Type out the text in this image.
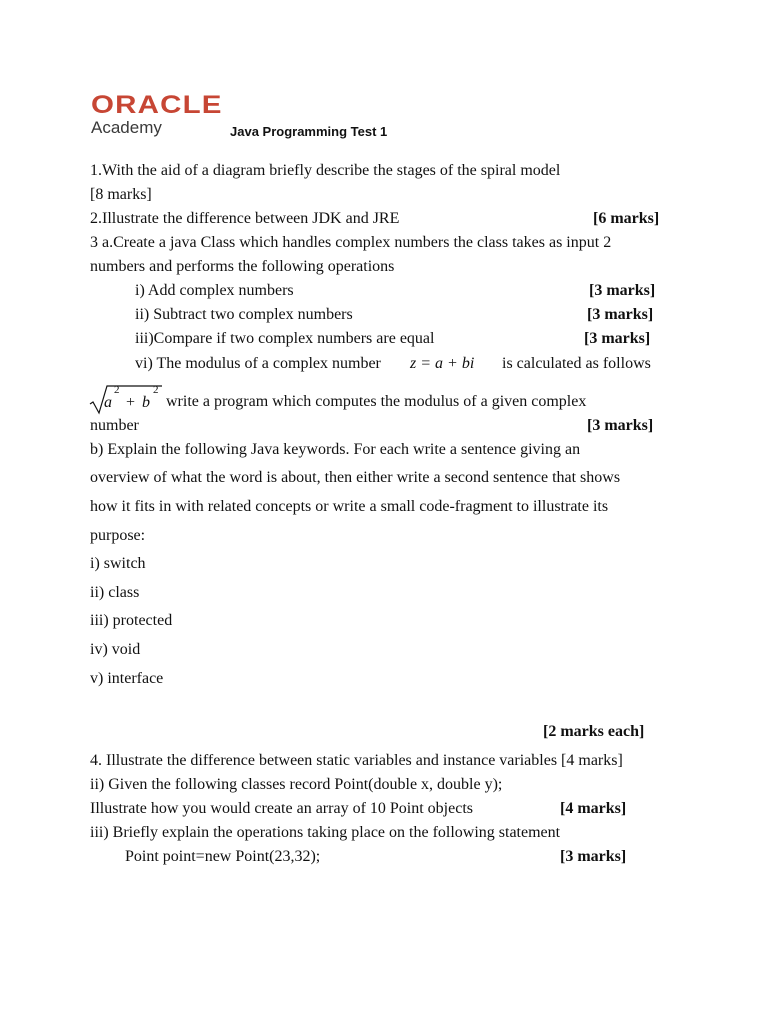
ORACLE
Academy	Java Programming Test 1
1.With the aid of a diagram briefly describe the stages of the spiral model
[8 marks]
2.Illustrate the difference between JDK and JRE	[6 marks]
3 a.Create a java Class which handles complex numbers the class takes as input 2
numbers and performs the following operations
i) Add complex numbers	[3 marks]
ii) Subtract two complex numbers	[3 marks]
iii)Compare if two complex numbers are equal	[3 marks]
vi) The modulus of a complex number z = a + bi is calculated as follows
a
2
+ b
2
write a program which computes the modulus of a given complex
number	[3 marks]
b) Explain the following Java keywords. For each write a sentence giving an
overview of what the word is about, then either write a second sentence that shows
how it fits in with related concepts or write a small code-fragment to illustrate its
purpose:
i) switch
ii) class
iii) protected
iv) void
v) interface
[2 marks each]
4. Illustrate the difference between static variables and instance variables [4 marks]
ii) Given the following classes record Point(double x, double y);
Illustrate how you would create an array of 10 Point objects	[4 marks]
iii) Briefly explain the operations taking place on the following statement
Point point=new Point(23,32);	[3 marks]
